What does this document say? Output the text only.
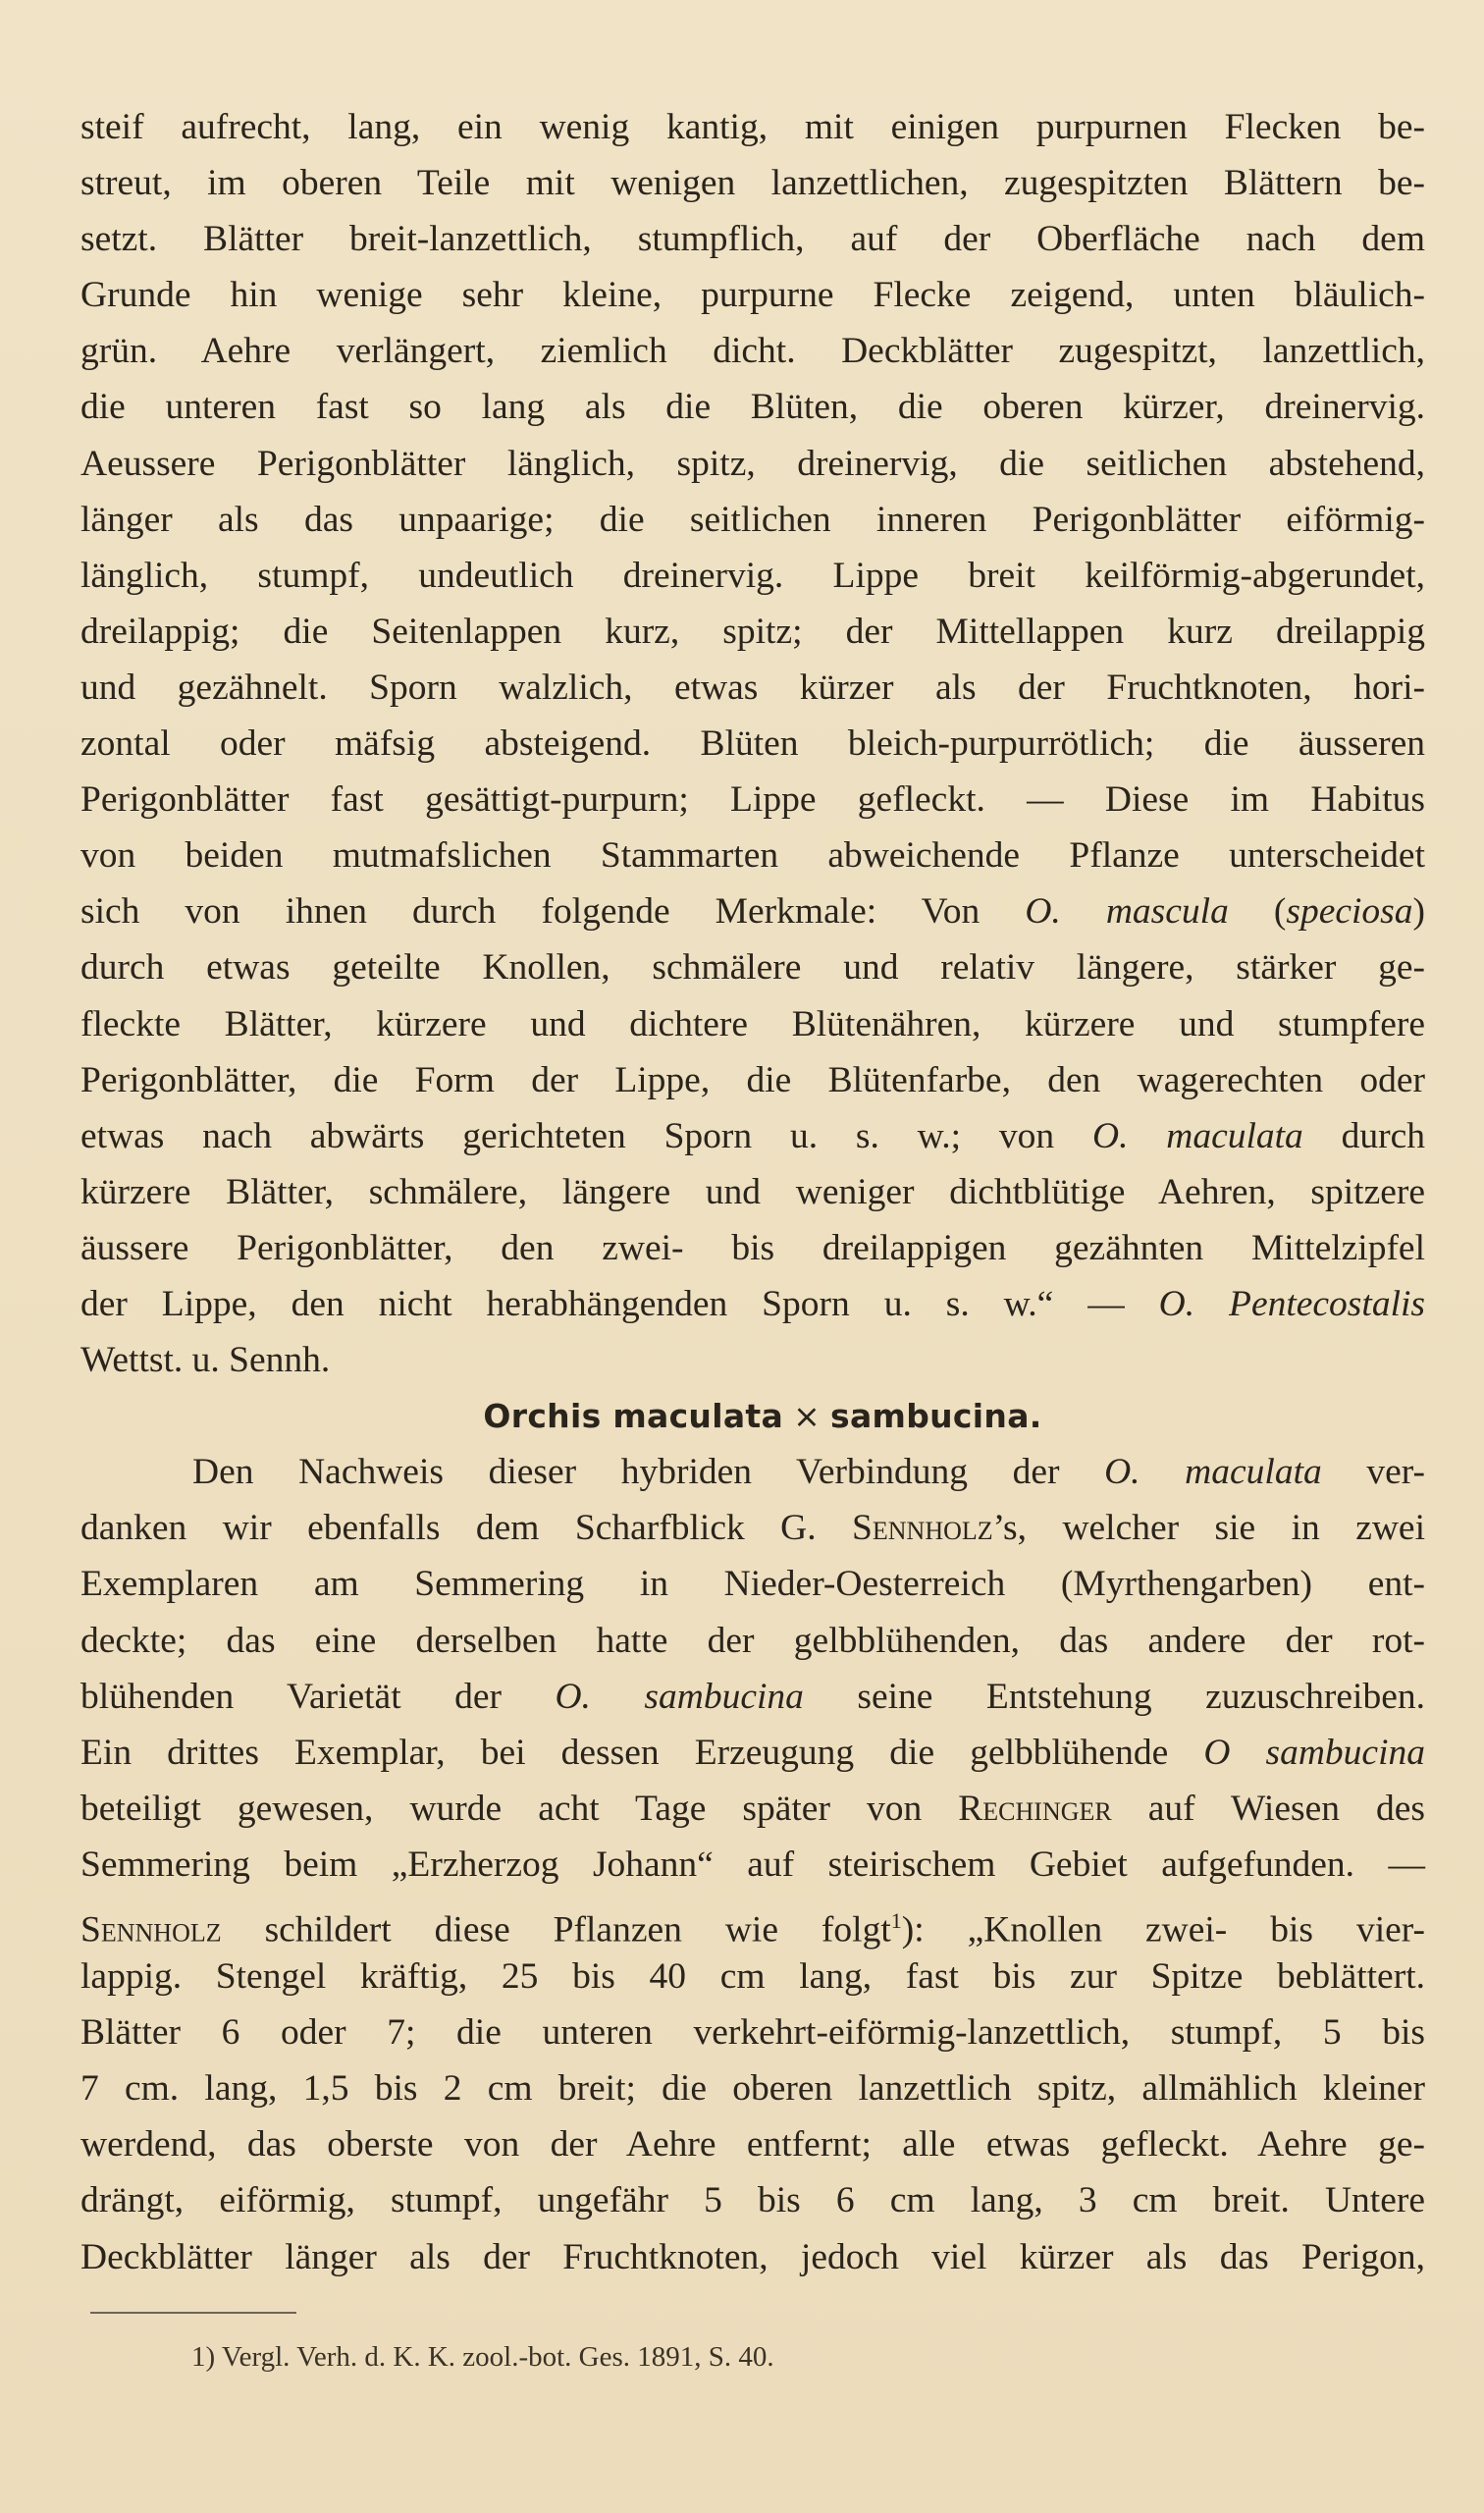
steif aufrecht, lang, ein wenig kantig, mit einigen purpurnen Flecken be-
streut, im oberen Teile mit wenigen lanzettlichen, zugespitzten Blättern be-
setzt. Blätter breit-lanzettlich, stumpflich, auf der Oberfläche nach dem
Grunde hin wenige sehr kleine, purpurne Flecke zeigend, unten bläulich-
grün. Aehre verlängert, ziemlich dicht. Deckblätter zugespitzt, lanzettlich,
die unteren fast so lang als die Blüten, die oberen kürzer, dreinervig.
Aeussere Perigonblätter länglich, spitz, dreinervig, die seitlichen abstehend,
länger als das unpaarige; die seitlichen inneren Perigonblätter eiförmig-
länglich, stumpf, undeutlich dreinervig. Lippe breit keilförmig-abgerundet,
dreilappig; die Seitenlappen kurz, spitz; der Mittellappen kurz dreilappig
und gezähnelt. Sporn walzlich, etwas kürzer als der Fruchtknoten, hori-
zontal oder mäfsig absteigend. Blüten bleich-purpurrötlich; die äusseren
Perigonblätter fast gesättigt-purpurn; Lippe gefleckt. — Diese im Habitus
von beiden mutmafslichen Stammarten abweichende Pflanze unterscheidet
sich von ihnen durch folgende Merkmale: Von O. mascula (speciosa)
durch etwas geteilte Knollen, schmälere und relativ längere, stärker ge-
fleckte Blätter, kürzere und dichtere Blütenähren, kürzere und stumpfere
Perigonblätter, die Form der Lippe, die Blütenfarbe, den wagerechten oder
etwas nach abwärts gerichteten Sporn u. s. w.; von O. maculata durch
kürzere Blätter, schmälere, längere und weniger dichtblütige Aehren, spitzere
äussere Perigonblätter, den zwei- bis dreilappigen gezähnten Mittelzipfel
der Lippe, den nicht herabhängenden Sporn u. s. w.“ — O. Pentecostalis
Wettst. u. Sennh.
Orchis maculata × sambucina.
Den Nachweis dieser hybriden Verbindung der O. maculata ver-
danken wir ebenfalls dem Scharfblick G. Sennholz’s, welcher sie in zwei
Exemplaren am Semmering in Nieder-Oesterreich (Myrthengarben) ent-
deckte; das eine derselben hatte der gelbblühenden, das andere der rot-
blühenden Varietät der O. sambucina seine Entstehung zuzuschreiben.
Ein drittes Exemplar, bei dessen Erzeugung die gelbblühende O sambucina
beteiligt gewesen, wurde acht Tage später von Rechinger auf Wiesen des
Semmering beim „Erzherzog Johann“ auf steirischem Gebiet aufgefunden. —
Sennholz schildert diese Pflanzen wie folgt$^1$): „Knollen zwei- bis vier-
lappig. Stengel kräftig, 25 bis 40 cm lang, fast bis zur Spitze beblättert.
Blätter 6 oder 7; die unteren verkehrt-eiförmig-lanzettlich, stumpf, 5 bis
7 cm. lang, 1,5 bis 2 cm breit; die oberen lanzettlich spitz, allmählich kleiner
werdend, das oberste von der Aehre entfernt; alle etwas gefleckt. Aehre ge-
drängt, eiförmig, stumpf, ungefähr 5 bis 6 cm lang, 3 cm breit. Untere
Deckblätter länger als der Fruchtknoten, jedoch viel kürzer als das Perigon,
1) Vergl. Verh. d. K. K. zool.-bot. Ges. 1891, S. 40.
